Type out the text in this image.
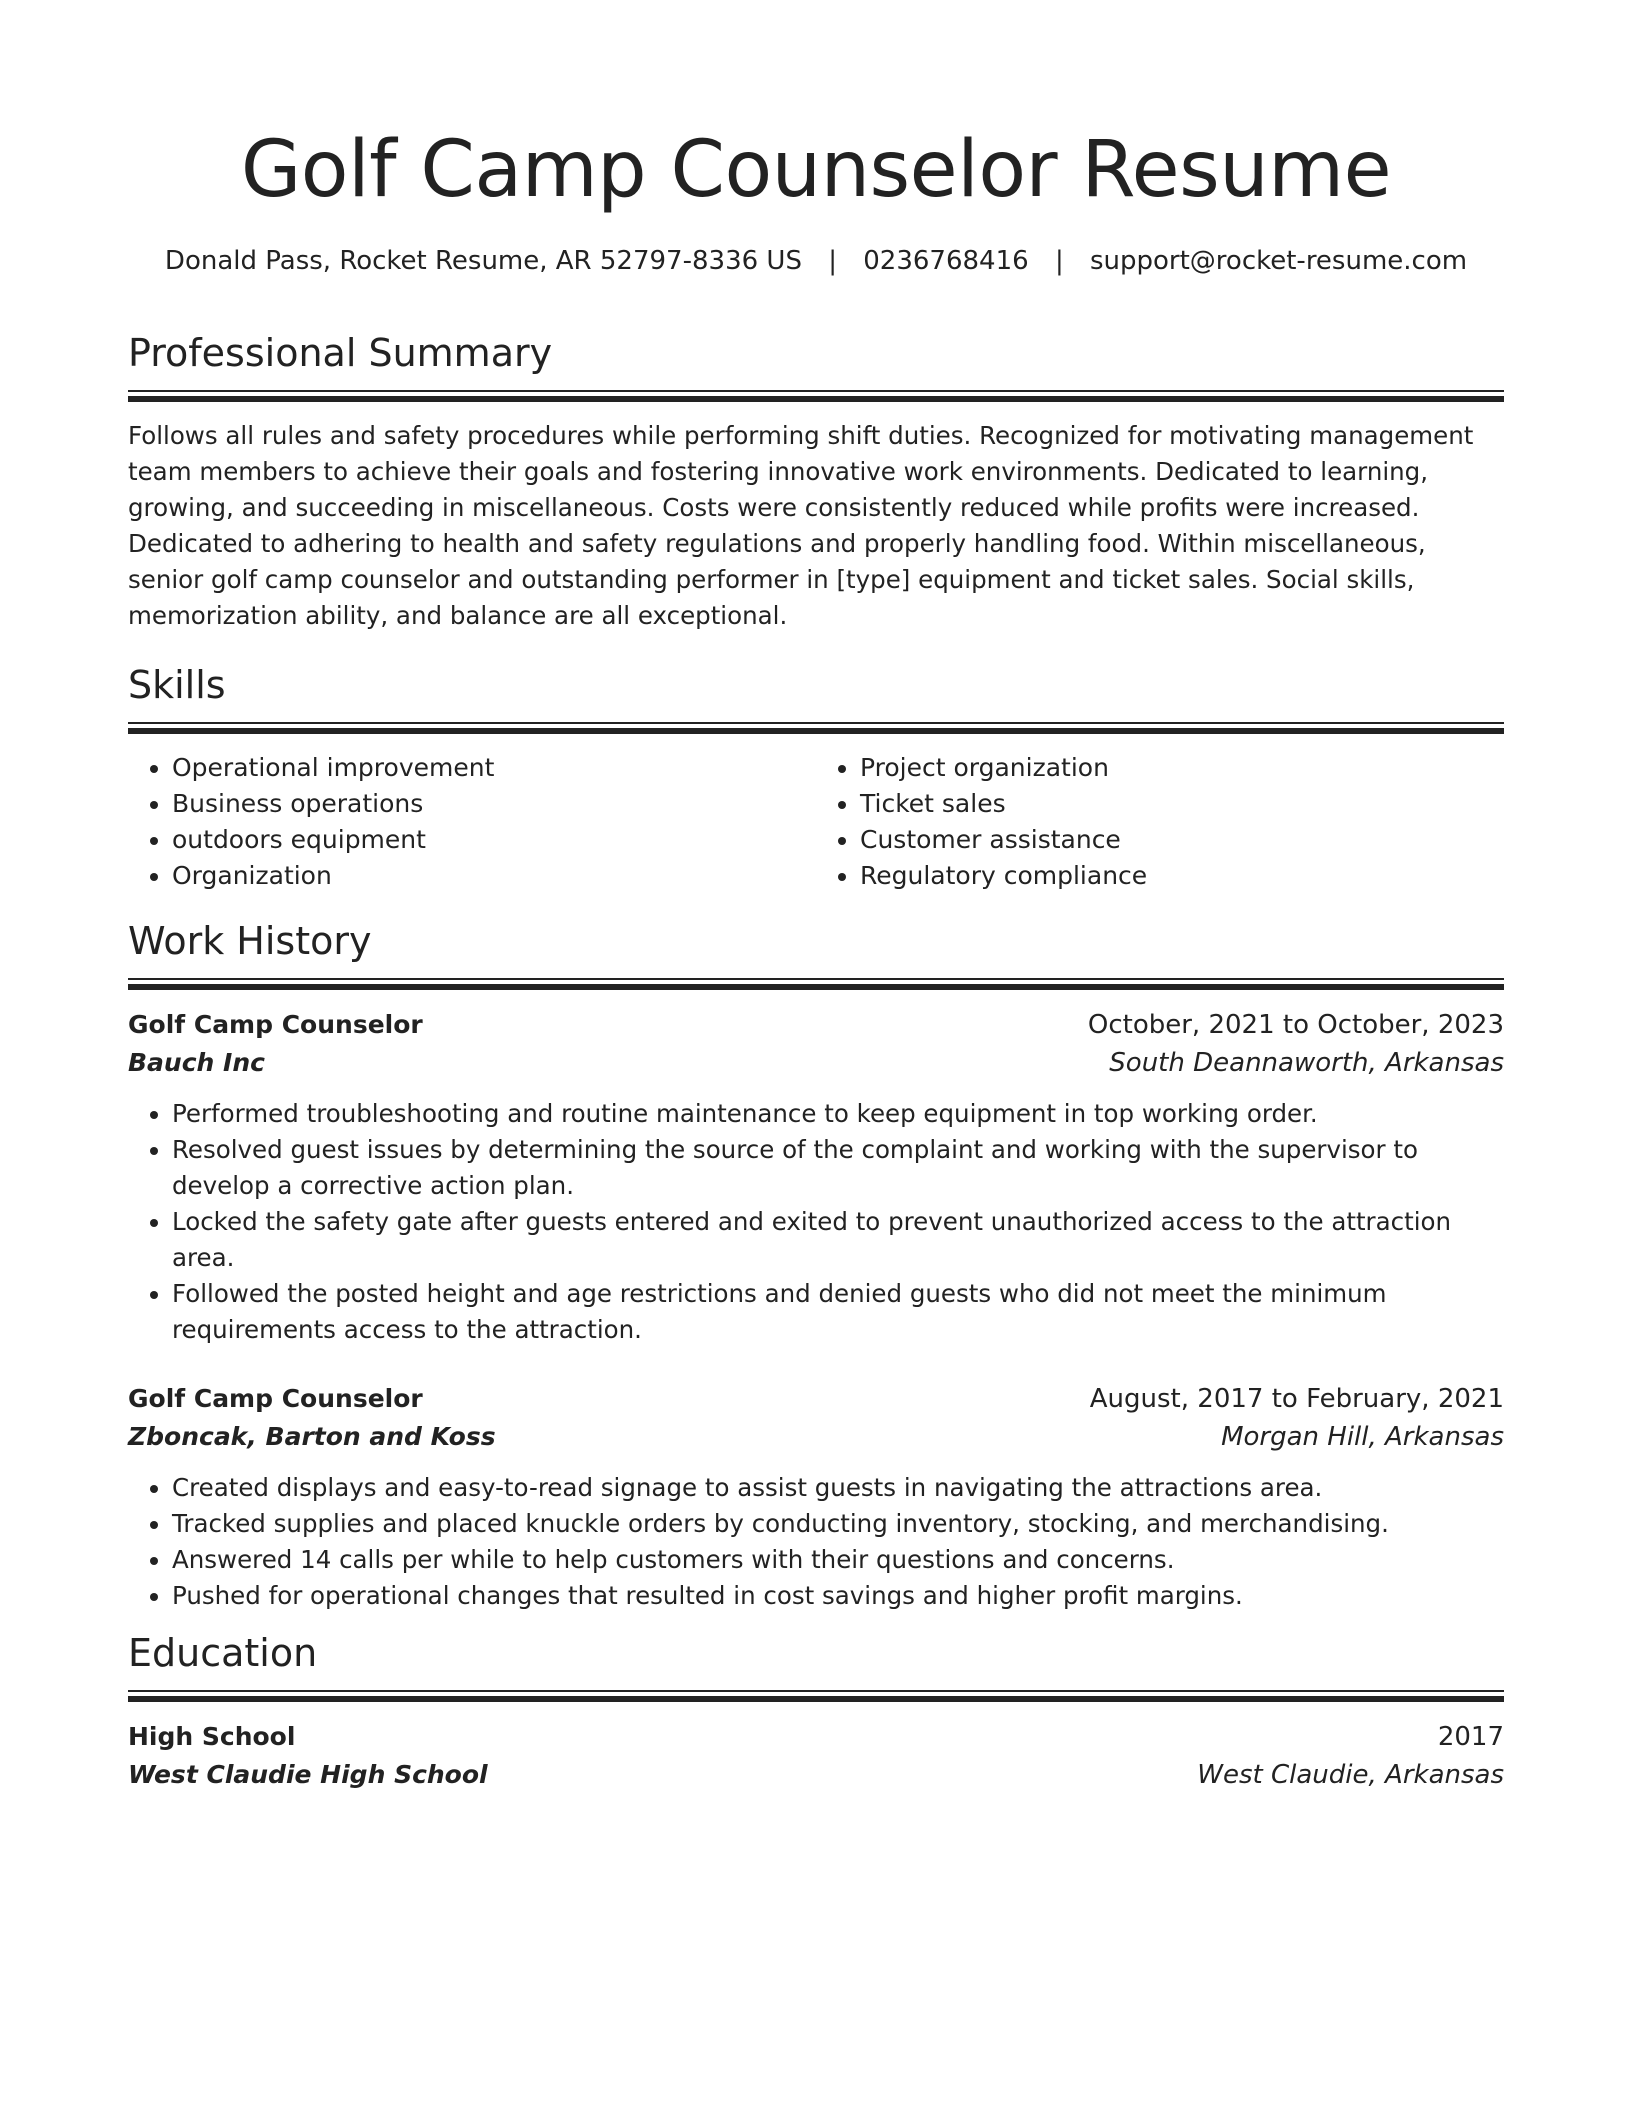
Golf Camp Counselor Resume
Donald Pass, Rocket Resume, AR 52797-8336 US | 0236768416 | support@rocket-resume.com
Professional Summary

Follows all rules and safety procedures while performing shift duties. Recognized for motivating management team members to achieve their goals and fostering innovative work environments. Dedicated to learning, growing, and succeeding in miscellaneous. Costs were consistently reduced while profits were increased. Dedicated to adhering to health and safety regulations and properly handling food. Within miscellaneous, senior golf camp counselor and outstanding performer in [type] equipment and ticket sales. Social skills, memorization ability, and balance are all exceptional.

Skills
• Operational improvement
• Business operations
• outdoors equipment
• Organization
• Project organization
• Ticket sales
• Customer assistance
• Regulatory compliance
Work History
Golf Camp Counselor	October, 2021 to October, 2023
Bauch Inc	South Deannaworth, Arkansas
• Performed troubleshooting and routine maintenance to keep equipment in top working order.
• Resolved guest issues by determining the source of the complaint and working with the supervisor to develop a corrective action plan.
• Locked the safety gate after guests entered and exited to prevent unauthorized access to the attraction area.
• Followed the posted height and age restrictions and denied guests who did not meet the minimum requirements access to the attraction.
Golf Camp Counselor	August, 2017 to February, 2021
Zboncak, Barton and Koss	Morgan Hill, Arkansas
• Created displays and easy-to-read signage to assist guests in navigating the attractions area.
• Tracked supplies and placed knuckle orders by conducting inventory, stocking, and merchandising.
• Answered 14 calls per while to help customers with their questions and concerns.
• Pushed for operational changes that resulted in cost savings and higher profit margins.
Education
High School	2017
West Claudie High School	West Claudie, Arkansas
